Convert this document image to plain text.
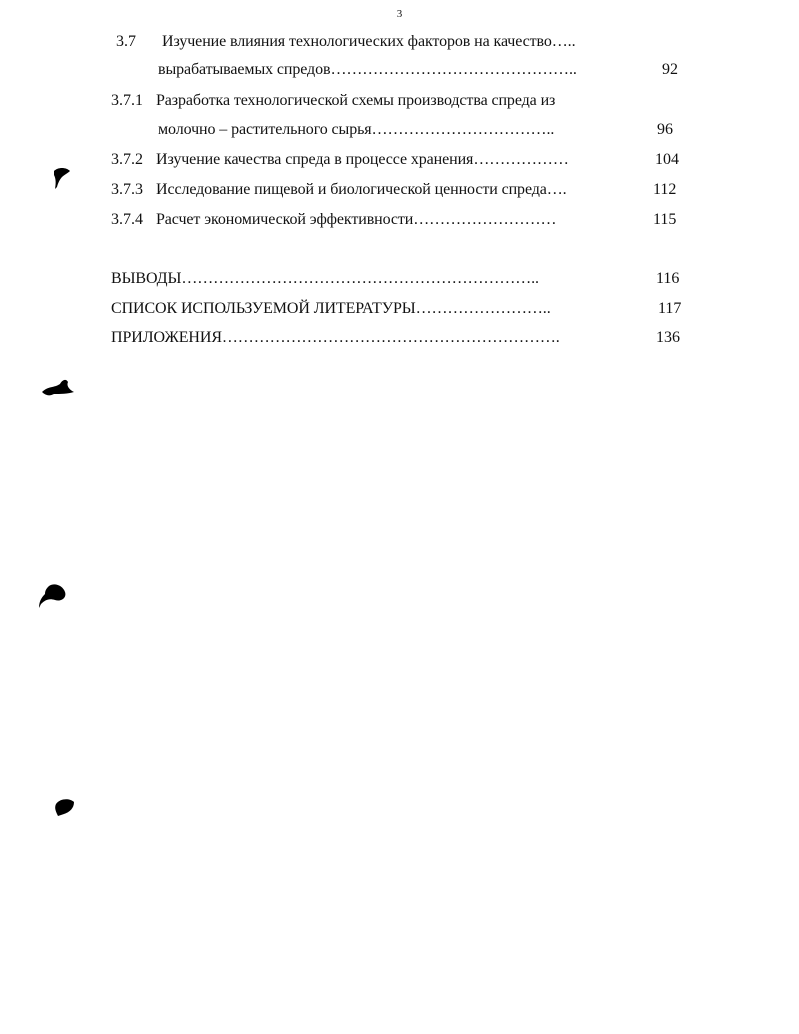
3
3.7 Изучение влияния технологических факторов на качество…..
вырабатываемых спредов………………………………………..	92
3.7.1 Разработка технологической схемы производства спреда из
молочно – растительного сырья……………………………..	96
3.7.2 Изучение качества спреда в процессе хранения………………	104
3.7.3 Исследование пищевой и биологической ценности спреда….	112
3.7.4 Расчет экономической эффективности………………………	115
ВЫВОДЫ…………………………………………………………..	116
СПИСОК ИСПОЛЬЗУЕМОЙ ЛИТЕРАТУРЫ……………………..	117
ПРИЛОЖЕНИЯ……………………………………………………….	136
